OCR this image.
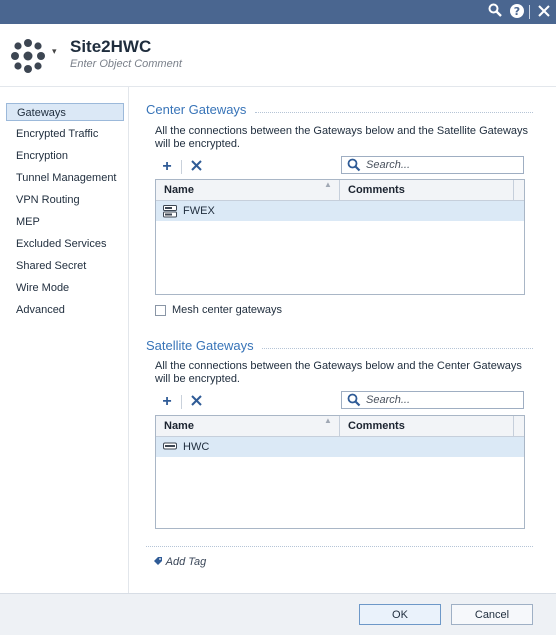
?
▾ Site2HWC
Enter Object Comment
Gateways
Encrypted Traffic
Encryption
Tunnel Management
VPN Routing
MEP
Excluded Services
Shared Secret
Wire Mode
Advanced
Center Gateways
All the connections between the Gateways below and the Satellite Gateways will be encrypted.
+
Search...
Name	▲	Comments
FWEX
Mesh center gateways
Satellite Gateways
All the connections between the Gateways below and the Center Gateways will be encrypted.
+
Search...
Name	▲	Comments
HWC
Add Tag
OK	Cancel
